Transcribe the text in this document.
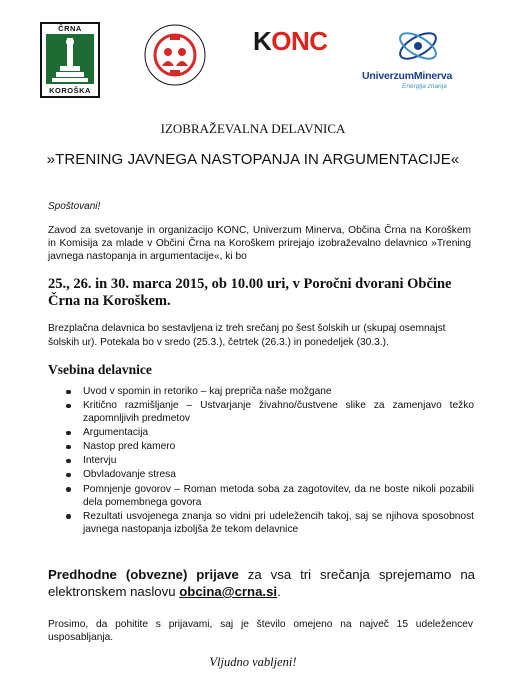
ČRNA
KOROŠKA
KONC
UniverzumMinerva
Energija znanja
IZOBRAŽEVALNA DELAVNICA
»TRENING JAVNEGA NASTOPANJA IN ARGUMENTACIJE«
Spoštovani!
Zavod za svetovanje in organizacijo KONC, Univerzum Minerva, Občina Črna na Koroškem in Komisija za mlade v Občini Črna na Koroškem prirejajo izobraževalno delavnico »Trening javnega nastopanja in argumentacije«, ki bo
25., 26. in 30. marca 2015, ob 10.00 uri, v Poročni dvorani Občine Črna na Koroškem.
Brezplačna delavnica bo sestavljena iz treh srečanj po šest šolskih ur (skupaj osemnajst šolskih ur). Potekala bo v sredo (25.3.), četrtek (26.3.) in ponedeljek (30.3.).
Vsebina delavnice
Uvod v spomin in retoriko – kaj prepriča naše možgane
Kritično razmišljanje – Ustvarjanje živahno/čustvene slike za zamenjavo težko zapomnljivih predmetov
Argumentacija
Nastop pred kamero
Intervju
Obvladovanje stresa
Pomnjenje govorov – Roman metoda soba za zagotovitev, da ne boste nikoli pozabili dela pomembnega govora
Rezultati usvojenega znanja so vidni pri udeležencih takoj, saj se njihova sposobnost javnega nastopanja izboljša že tekom delavnice
Predhodne (obvezne) prijave za vsa tri srečanja sprejemamo na elektronskem naslovu obcina@crna.si.
Prosimo, da pohitite s prijavami, saj je število omejeno na največ 15 udeležencev usposabljanja.
Vljudno vabljeni!
